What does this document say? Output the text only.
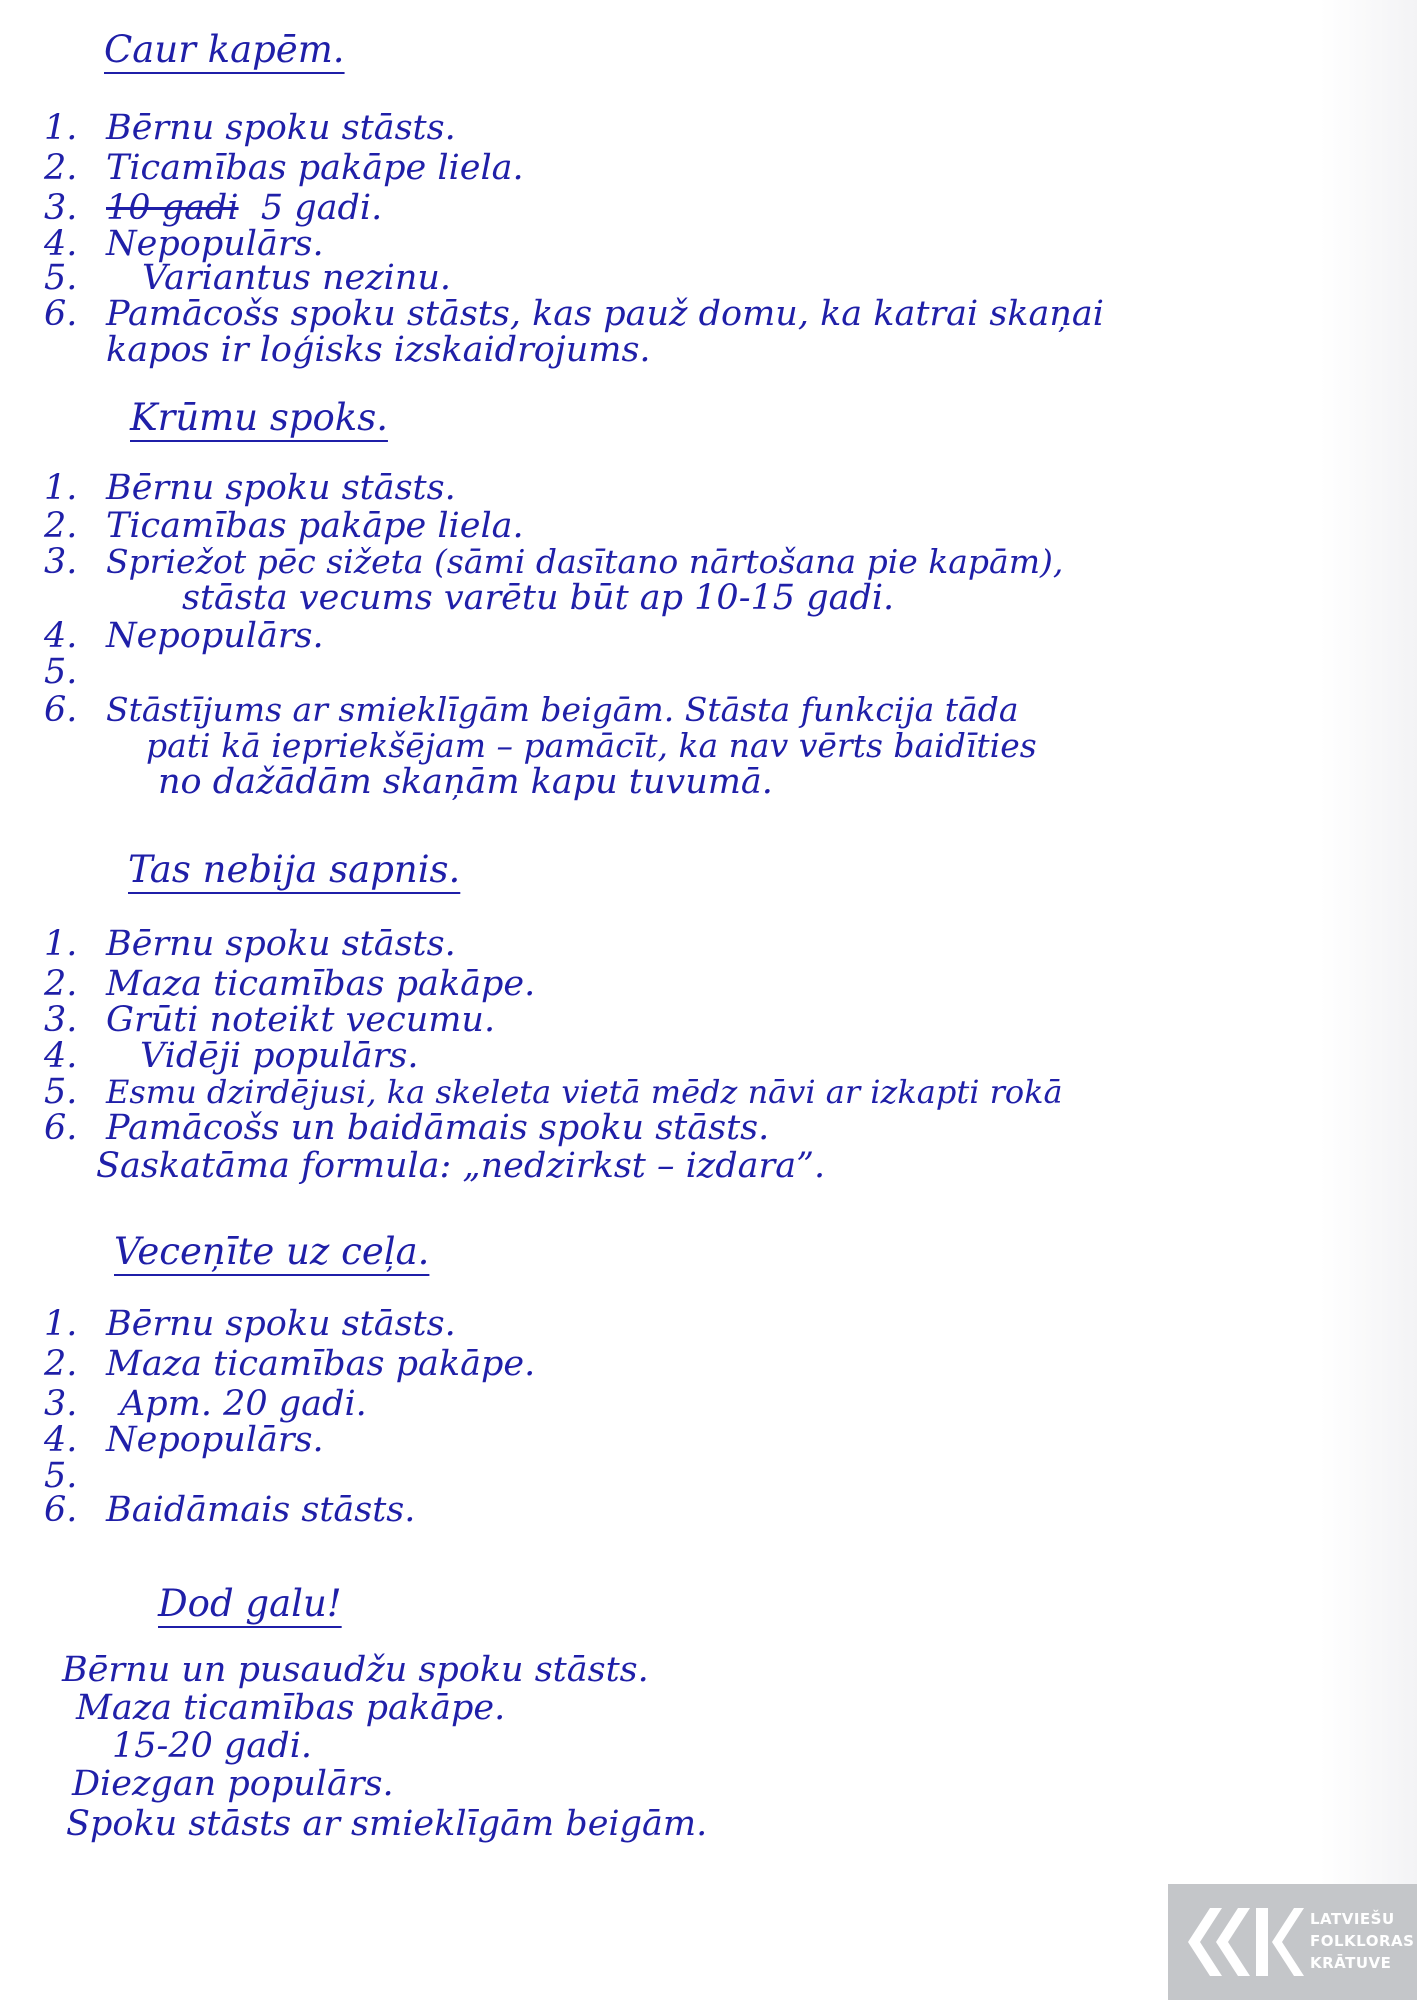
Caur kapēm.
1. Bērnu spoku stāsts.
2. Ticamības pakāpe liela.
3. 10 gadi 5 gadi.
4. Nepopulārs.
5. Variantus nezinu.
6. Pamācošs spoku stāsts, kas pauž domu, ka katrai skaņai
kapos ir loģisks izskaidrojums.
Krūmu spoks.
1. Bērnu spoku stāsts.
2. Ticamības pakāpe liela.
3. Spriežot pēc sižeta (sāmi dasītano nārtošana pie kapām),
stāsta vecums varētu būt ap 10-15 gadi.
4. Nepopulārs.
5.
6. Stāstījums ar smieklīgām beigām. Stāsta funkcija tāda
pati kā iepriekšējam – pamācīt, ka nav vērts baidīties
no dažādām skaņām kapu tuvumā.
Tas nebija sapnis.
1. Bērnu spoku stāsts.
2. Maza ticamības pakāpe.
3. Grūti noteikt vecumu.
4. Vidēji populārs.
5. Esmu dzirdējusi, ka skeleta vietā mēdz nāvi ar izkapti rokā
6. Pamācošs un baidāmais spoku stāsts.
Saskatāma formula: „nedzirkst – izdara”.
Veceņīte uz ceļa.
1. Bērnu spoku stāsts.
2. Maza ticamības pakāpe.
3. Apm. 20 gadi.
4. Nepopulārs.
5.
6. Baidāmais stāsts.
Dod galu!
Bērnu un pusaudžu spoku stāsts.
Maza ticamības pakāpe.
15-20 gadi.
Diezgan populārs.
Spoku stāsts ar smieklīgām beigām.
LATVIEŠU
FOLKLORAS
KRĀTUVE
